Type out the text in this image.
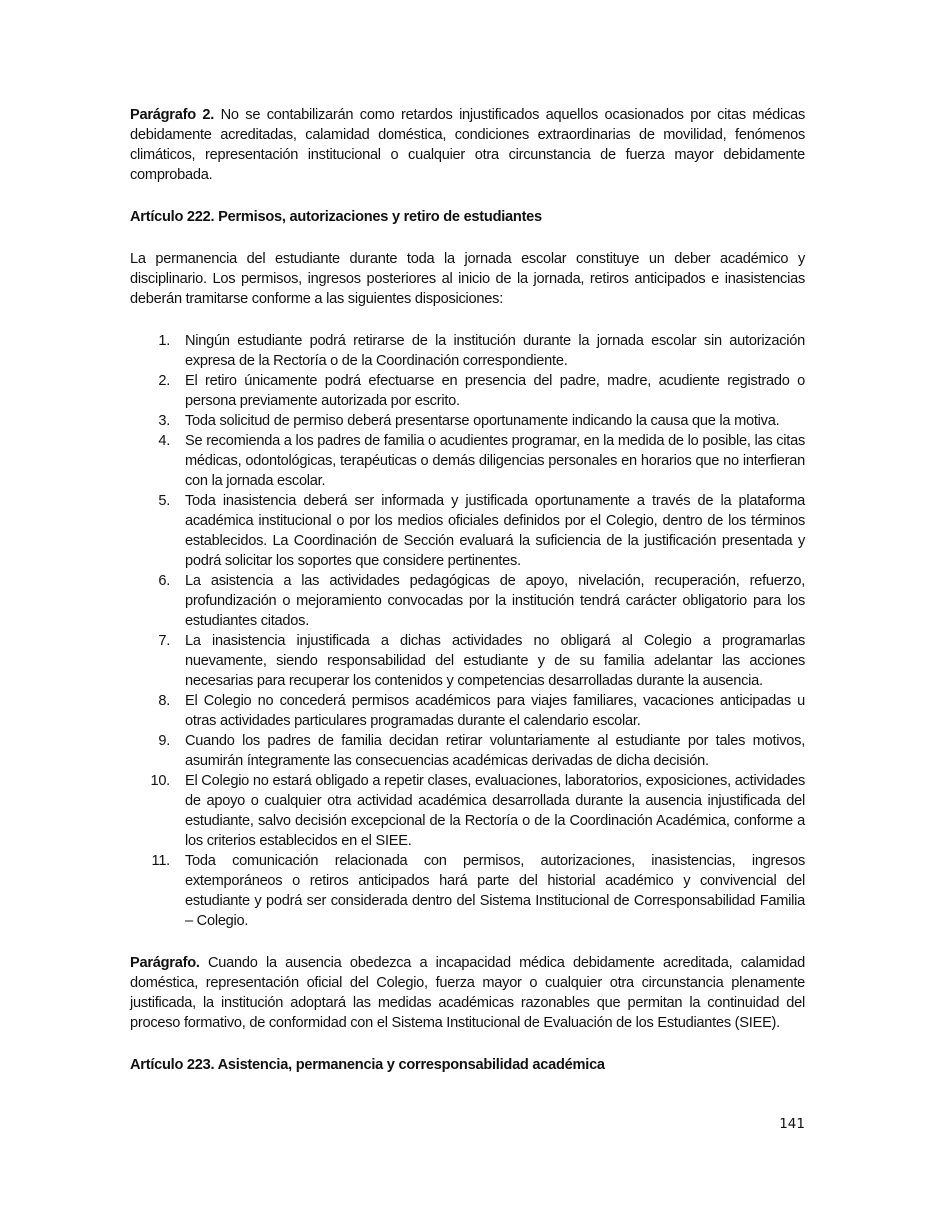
Parágrafo 2. No se contabilizarán como retardos injustificados aquellos ocasionados por citas médicas debidamente acreditadas, calamidad doméstica, condiciones extraordinarias de movilidad, fenómenos climáticos, representación institucional o cualquier otra circunstancia de fuerza mayor debidamente comprobada.

Artículo 222. Permisos, autorizaciones y retiro de estudiantes

La permanencia del estudiante durante toda la jornada escolar constituye un deber académico y disciplinario. Los permisos, ingresos posteriores al inicio de la jornada, retiros anticipados e inasistencias deberán tramitarse conforme a las siguientes disposiciones:

1. Ningún estudiante podrá retirarse de la institución durante la jornada escolar sin autorización expresa de la Rectoría o de la Coordinación correspondiente.
2. El retiro únicamente podrá efectuarse en presencia del padre, madre, acudiente registrado o persona previamente autorizada por escrito.
3. Toda solicitud de permiso deberá presentarse oportunamente indicando la causa que la motiva.
4. Se recomienda a los padres de familia o acudientes programar, en la medida de lo posible, las citas médicas, odontológicas, terapéuticas o demás diligencias personales en horarios que no interfieran con la jornada escolar.
5. Toda inasistencia deberá ser informada y justificada oportunamente a través de la plataforma académica institucional o por los medios oficiales definidos por el Colegio, dentro de los términos establecidos. La Coordinación de Sección evaluará la suficiencia de la justificación presentada y podrá solicitar los soportes que considere pertinentes.
6. La asistencia a las actividades pedagógicas de apoyo, nivelación, recuperación, refuerzo, profundización o mejoramiento convocadas por la institución tendrá carácter obligatorio para los estudiantes citados.
7. La inasistencia injustificada a dichas actividades no obligará al Colegio a programarlas nuevamente, siendo responsabilidad del estudiante y de su familia adelantar las acciones necesarias para recuperar los contenidos y competencias desarrolladas durante la ausencia.
8. El Colegio no concederá permisos académicos para viajes familiares, vacaciones anticipadas u otras actividades particulares programadas durante el calendario escolar.
9. Cuando los padres de familia decidan retirar voluntariamente al estudiante por tales motivos, asumirán íntegramente las consecuencias académicas derivadas de dicha decisión.
10. El Colegio no estará obligado a repetir clases, evaluaciones, laboratorios, exposiciones, actividades de apoyo o cualquier otra actividad académica desarrollada durante la ausencia injustificada del estudiante, salvo decisión excepcional de la Rectoría o de la Coordinación Académica, conforme a los criterios establecidos en el SIEE.
11. Toda comunicación relacionada con permisos, autorizaciones, inasistencias, ingresos extemporáneos o retiros anticipados hará parte del historial académico y convivencial del estudiante y podrá ser considerada dentro del Sistema Institucional de Corresponsabilidad Familia – Colegio.

Parágrafo. Cuando la ausencia obedezca a incapacidad médica debidamente acreditada, calamidad doméstica, representación oficial del Colegio, fuerza mayor o cualquier otra circunstancia plenamente justificada, la institución adoptará las medidas académicas razonables que permitan la continuidad del proceso formativo, de conformidad con el Sistema Institucional de Evaluación de los Estudiantes (SIEE).

Artículo 223. Asistencia, permanencia y corresponsabilidad académica

141
